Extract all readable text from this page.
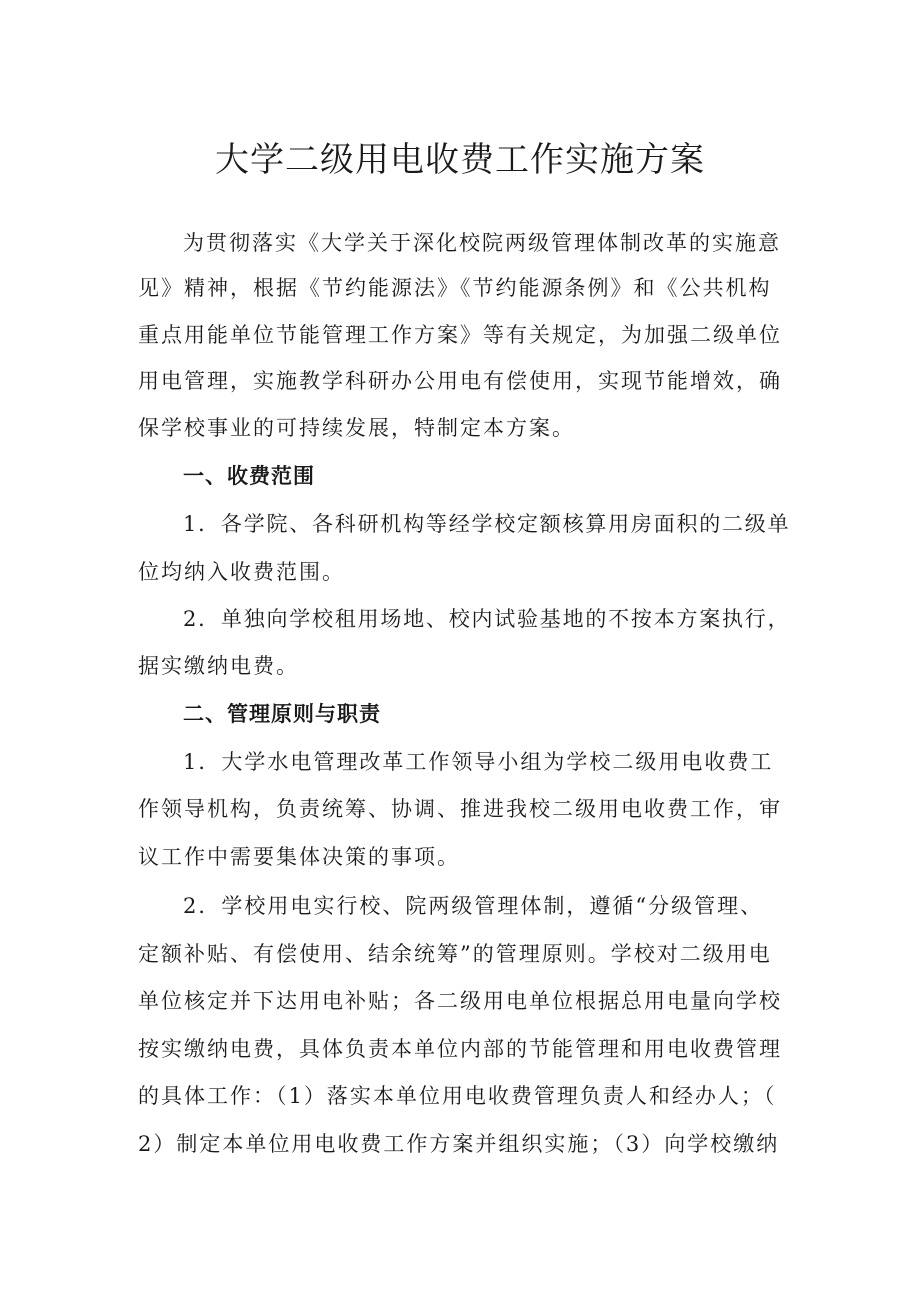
大学二级用电收费工作实施方案
为贯彻落实《大学关于深化校院两级管理体制改革的实施意
见》精神，根据《节约能源法》《节约能源条例》和《公共机构
重点用能单位节能管理工作方案》等有关规定，为加强二级单位
用电管理，实施教学科研办公用电有偿使用，实现节能增效，确
保学校事业的可持续发展，特制定本方案。
一、收费范围
1．各学院、各科研机构等经学校定额核算用房面积的二级单
位均纳入收费范围。
2．单独向学校租用场地、校内试验基地的不按本方案执行，
据实缴纳电费。
二、管理原则与职责
1．大学水电管理改革工作领导小组为学校二级用电收费工
作领导机构，负责统筹、协调、推进我校二级用电收费工作，审
议工作中需要集体决策的事项。
2．学校用电实行校、院两级管理体制，遵循“分级管理、
定额补贴、有偿使用、结余统筹”的管理原则。学校对二级用电
单位核定并下达用电补贴；各二级用电单位根据总用电量向学校
按实缴纳电费，具体负责本单位内部的节能管理和用电收费管理
的具体工作：（1）落实本单位用电收费管理负责人和经办人；（
2）制定本单位用电收费工作方案并组织实施；（3）向学校缴纳
